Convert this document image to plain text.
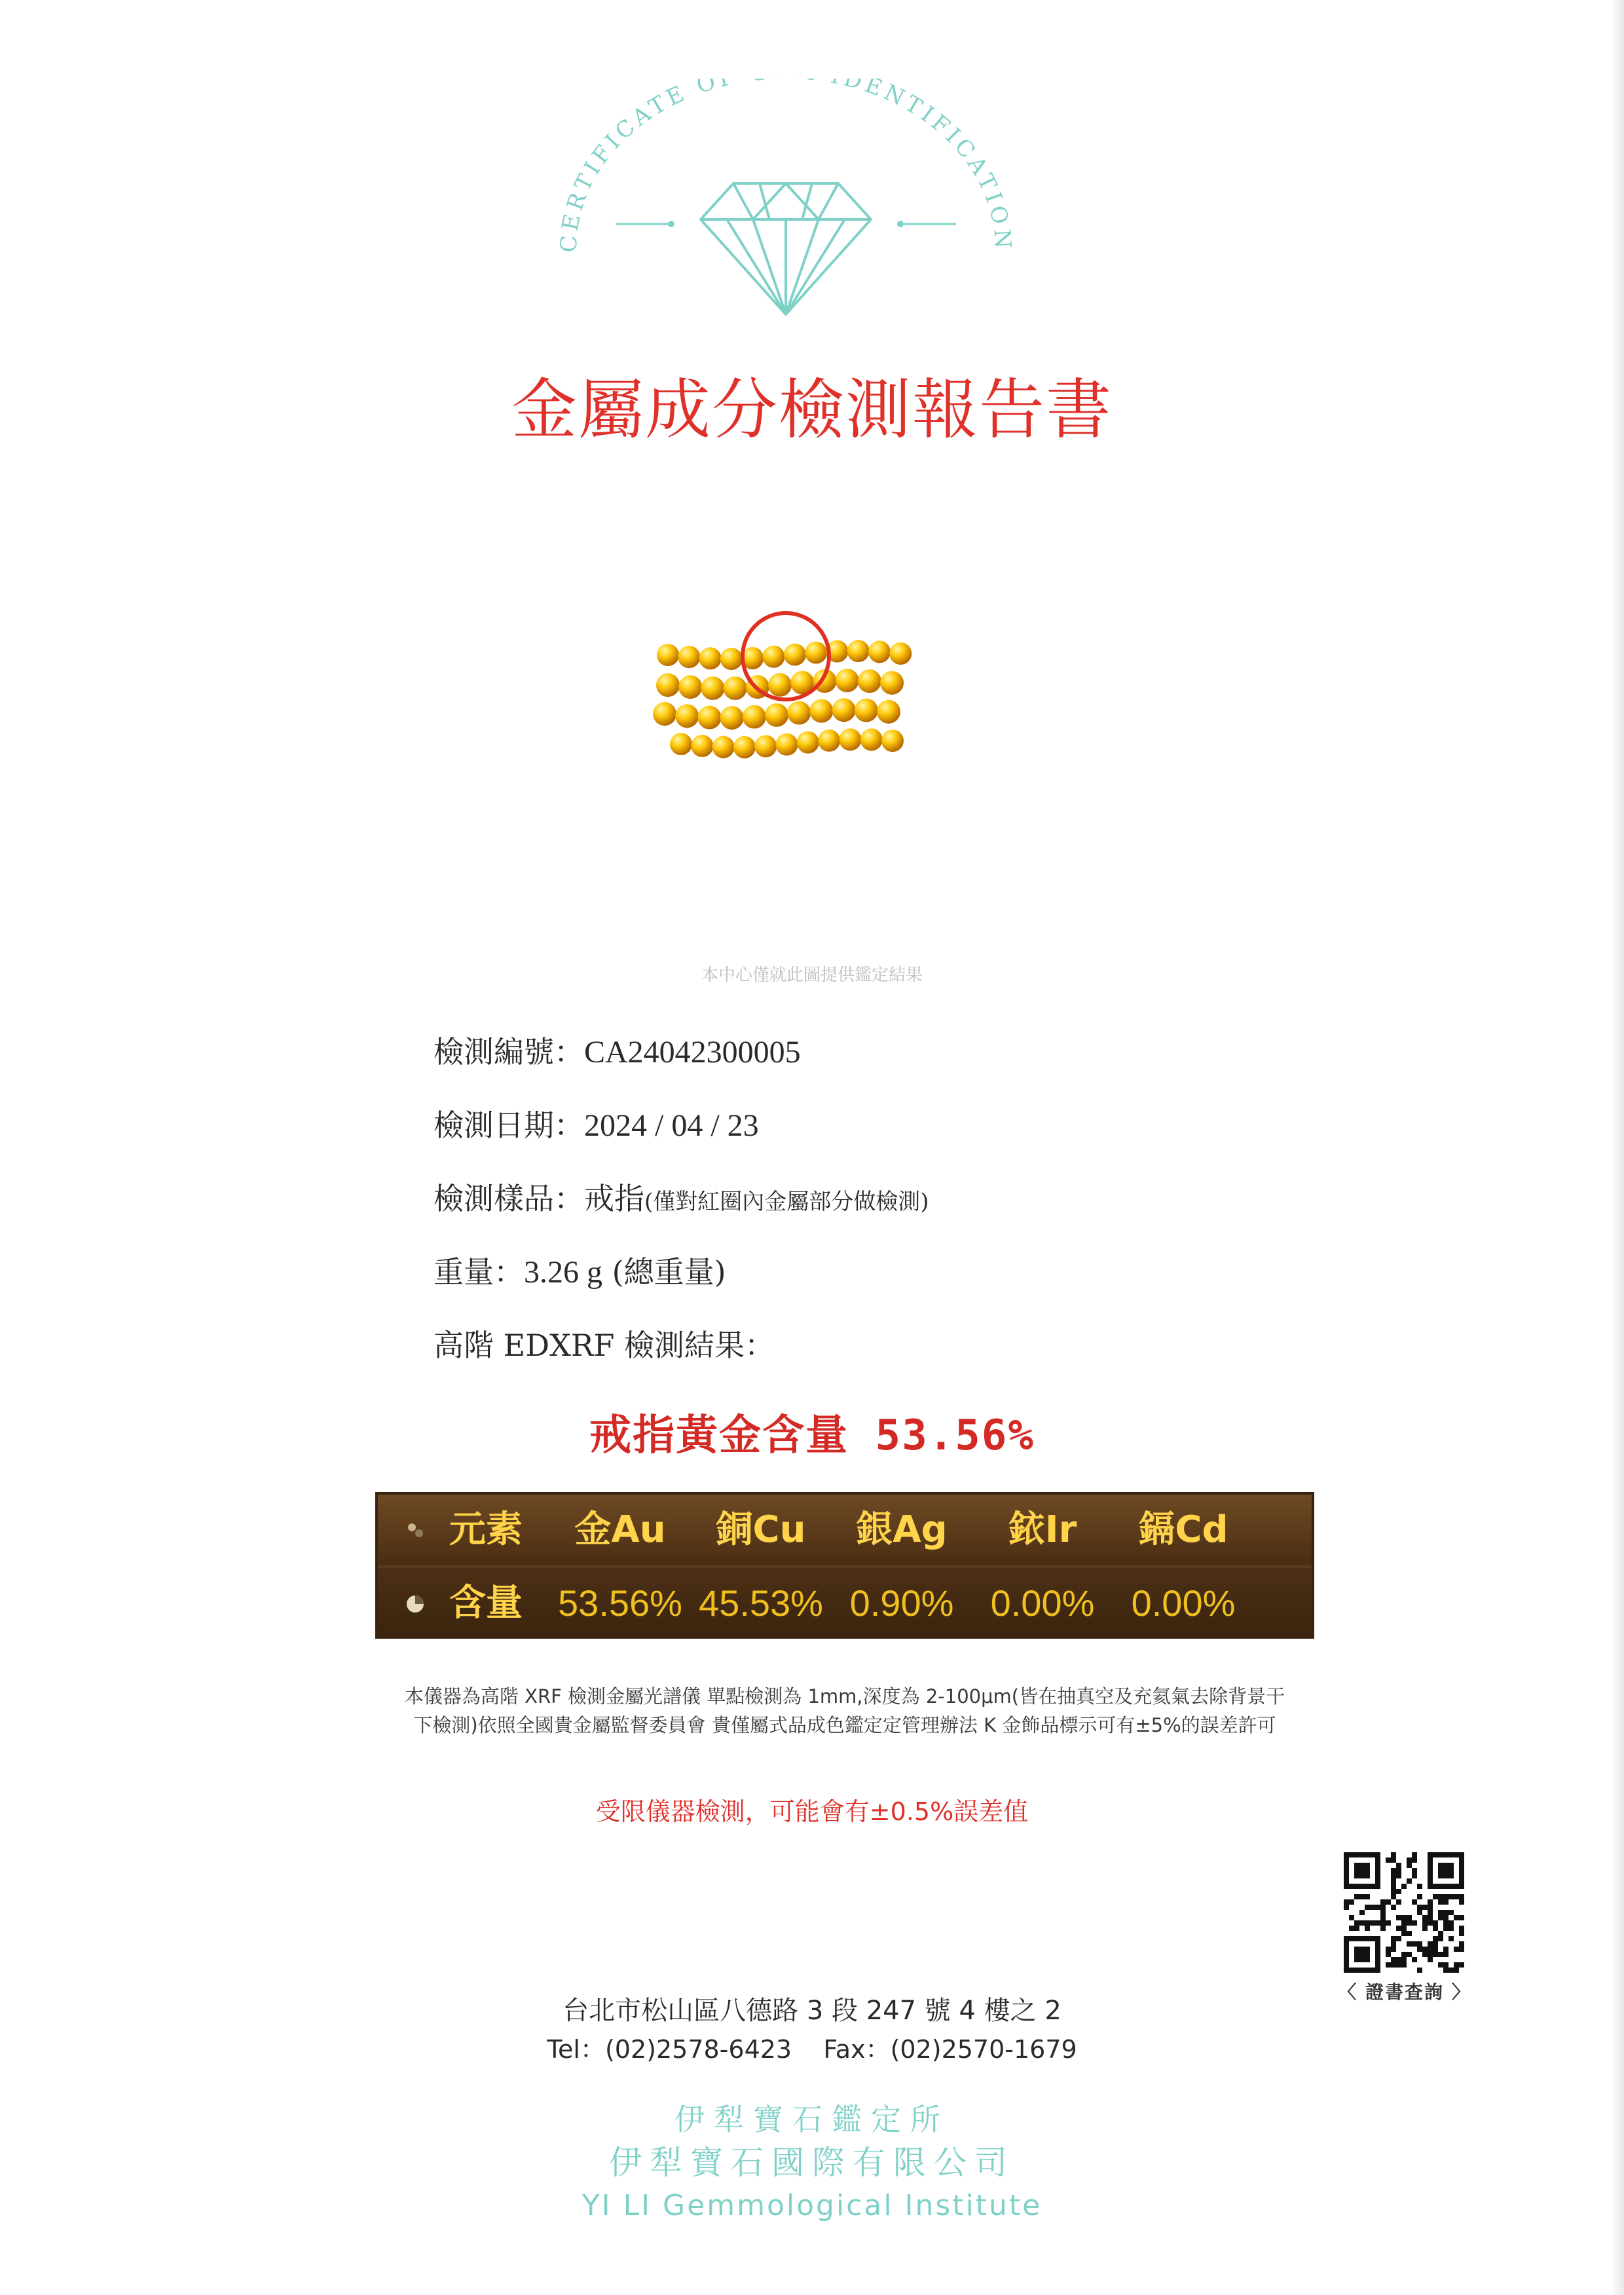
CERTIFICATE O DENTIFICATION
金屬成分檢測報告書
本中心僅就此圖提供鑑定結果
檢測編號：CA24042300005
檢測日期：2024 / 04 / 23
檢測樣品：戒指(僅對紅圈內金屬部分做檢測)
重量：3.26 g (總重量)
高階 EDXRF 檢測結果：
戒指黃金含量 53.56%
元素	金Au	銅Cu	銀Ag	銥Ir	鎘Cd
含量 53.56% 45.53% 0.90%	0.00%	0.00%
本儀器為高階 XRF 檢測金屬光譜儀 單點檢測為 1mm,深度為 2-100μm(皆在抽真空及充氦氣去除背景干
下檢測)依照全國貴金屬監督委員會 貴僅屬式品成色鑑定定管理辦法 K 金飾品標示可有±5%的誤差許可
受限儀器檢測，可能會有±0.5%誤差值
〈 證書查詢 〉
台北市松山區八德路 3 段 247 號 4 樓之 2
Tel：(02)2578-6423    Fax：(02)2570-1679
伊犁寶石鑑定所
伊犁寶石國際有限公司
YI LI Gemmological Institute
